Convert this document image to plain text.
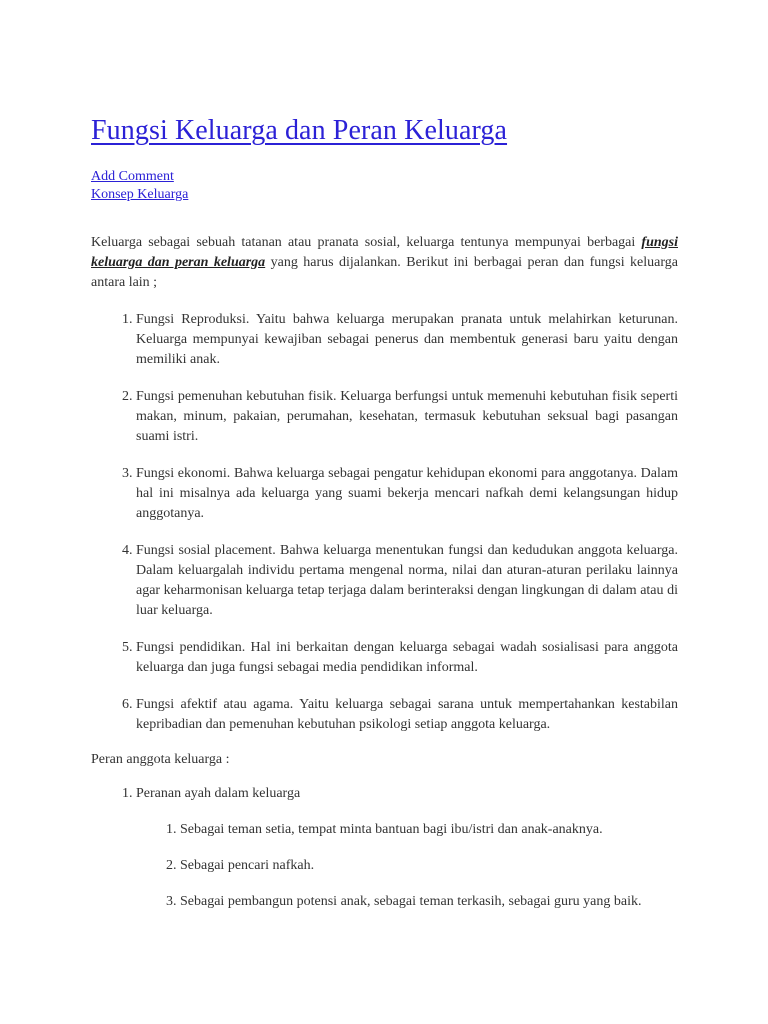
Fungsi Keluarga dan Peran Keluarga
Add Comment
Konsep Keluarga

Keluarga sebagai sebuah tatanan atau pranata sosial, keluarga tentunya mempunyai berbagai fungsi keluarga dan peran keluarga yang harus dijalankan. Berikut ini berbagai peran dan fungsi keluarga antara lain ;

1. Fungsi Reproduksi. Yaitu bahwa keluarga merupakan pranata untuk melahirkan keturunan. Keluarga mempunyai kewajiban sebagai penerus dan membentuk generasi baru yaitu dengan memiliki anak.
2. Fungsi pemenuhan kebutuhan fisik. Keluarga berfungsi untuk memenuhi kebutuhan fisik seperti makan, minum, pakaian, perumahan, kesehatan, termasuk kebutuhan seksual bagi pasangan suami istri.
3. Fungsi ekonomi. Bahwa keluarga sebagai pengatur kehidupan ekonomi para anggotanya. Dalam hal ini misalnya ada keluarga yang suami bekerja mencari nafkah demi kelangsungan hidup anggotanya.
4. Fungsi sosial placement. Bahwa keluarga menentukan fungsi dan kedudukan anggota keluarga. Dalam keluargalah individu pertama mengenal norma, nilai dan aturan-aturan perilaku lainnya agar keharmonisan keluarga tetap terjaga dalam berinteraksi dengan lingkungan di dalam atau di luar keluarga.
5. Fungsi pendidikan. Hal ini berkaitan dengan keluarga sebagai wadah sosialisasi para anggota keluarga dan juga fungsi sebagai media pendidikan informal.
6. Fungsi afektif atau agama. Yaitu keluarga sebagai sarana untuk mempertahankan kestabilan kepribadian dan pemenuhan kebutuhan psikologi setiap anggota keluarga.
Peran anggota keluarga :
1. Peranan ayah dalam keluarga
1. Sebagai teman setia, tempat minta bantuan bagi ibu/istri dan anak-anaknya.
2. Sebagai pencari nafkah.
3. Sebagai pembangun potensi anak, sebagai teman terkasih, sebagai guru yang baik.
